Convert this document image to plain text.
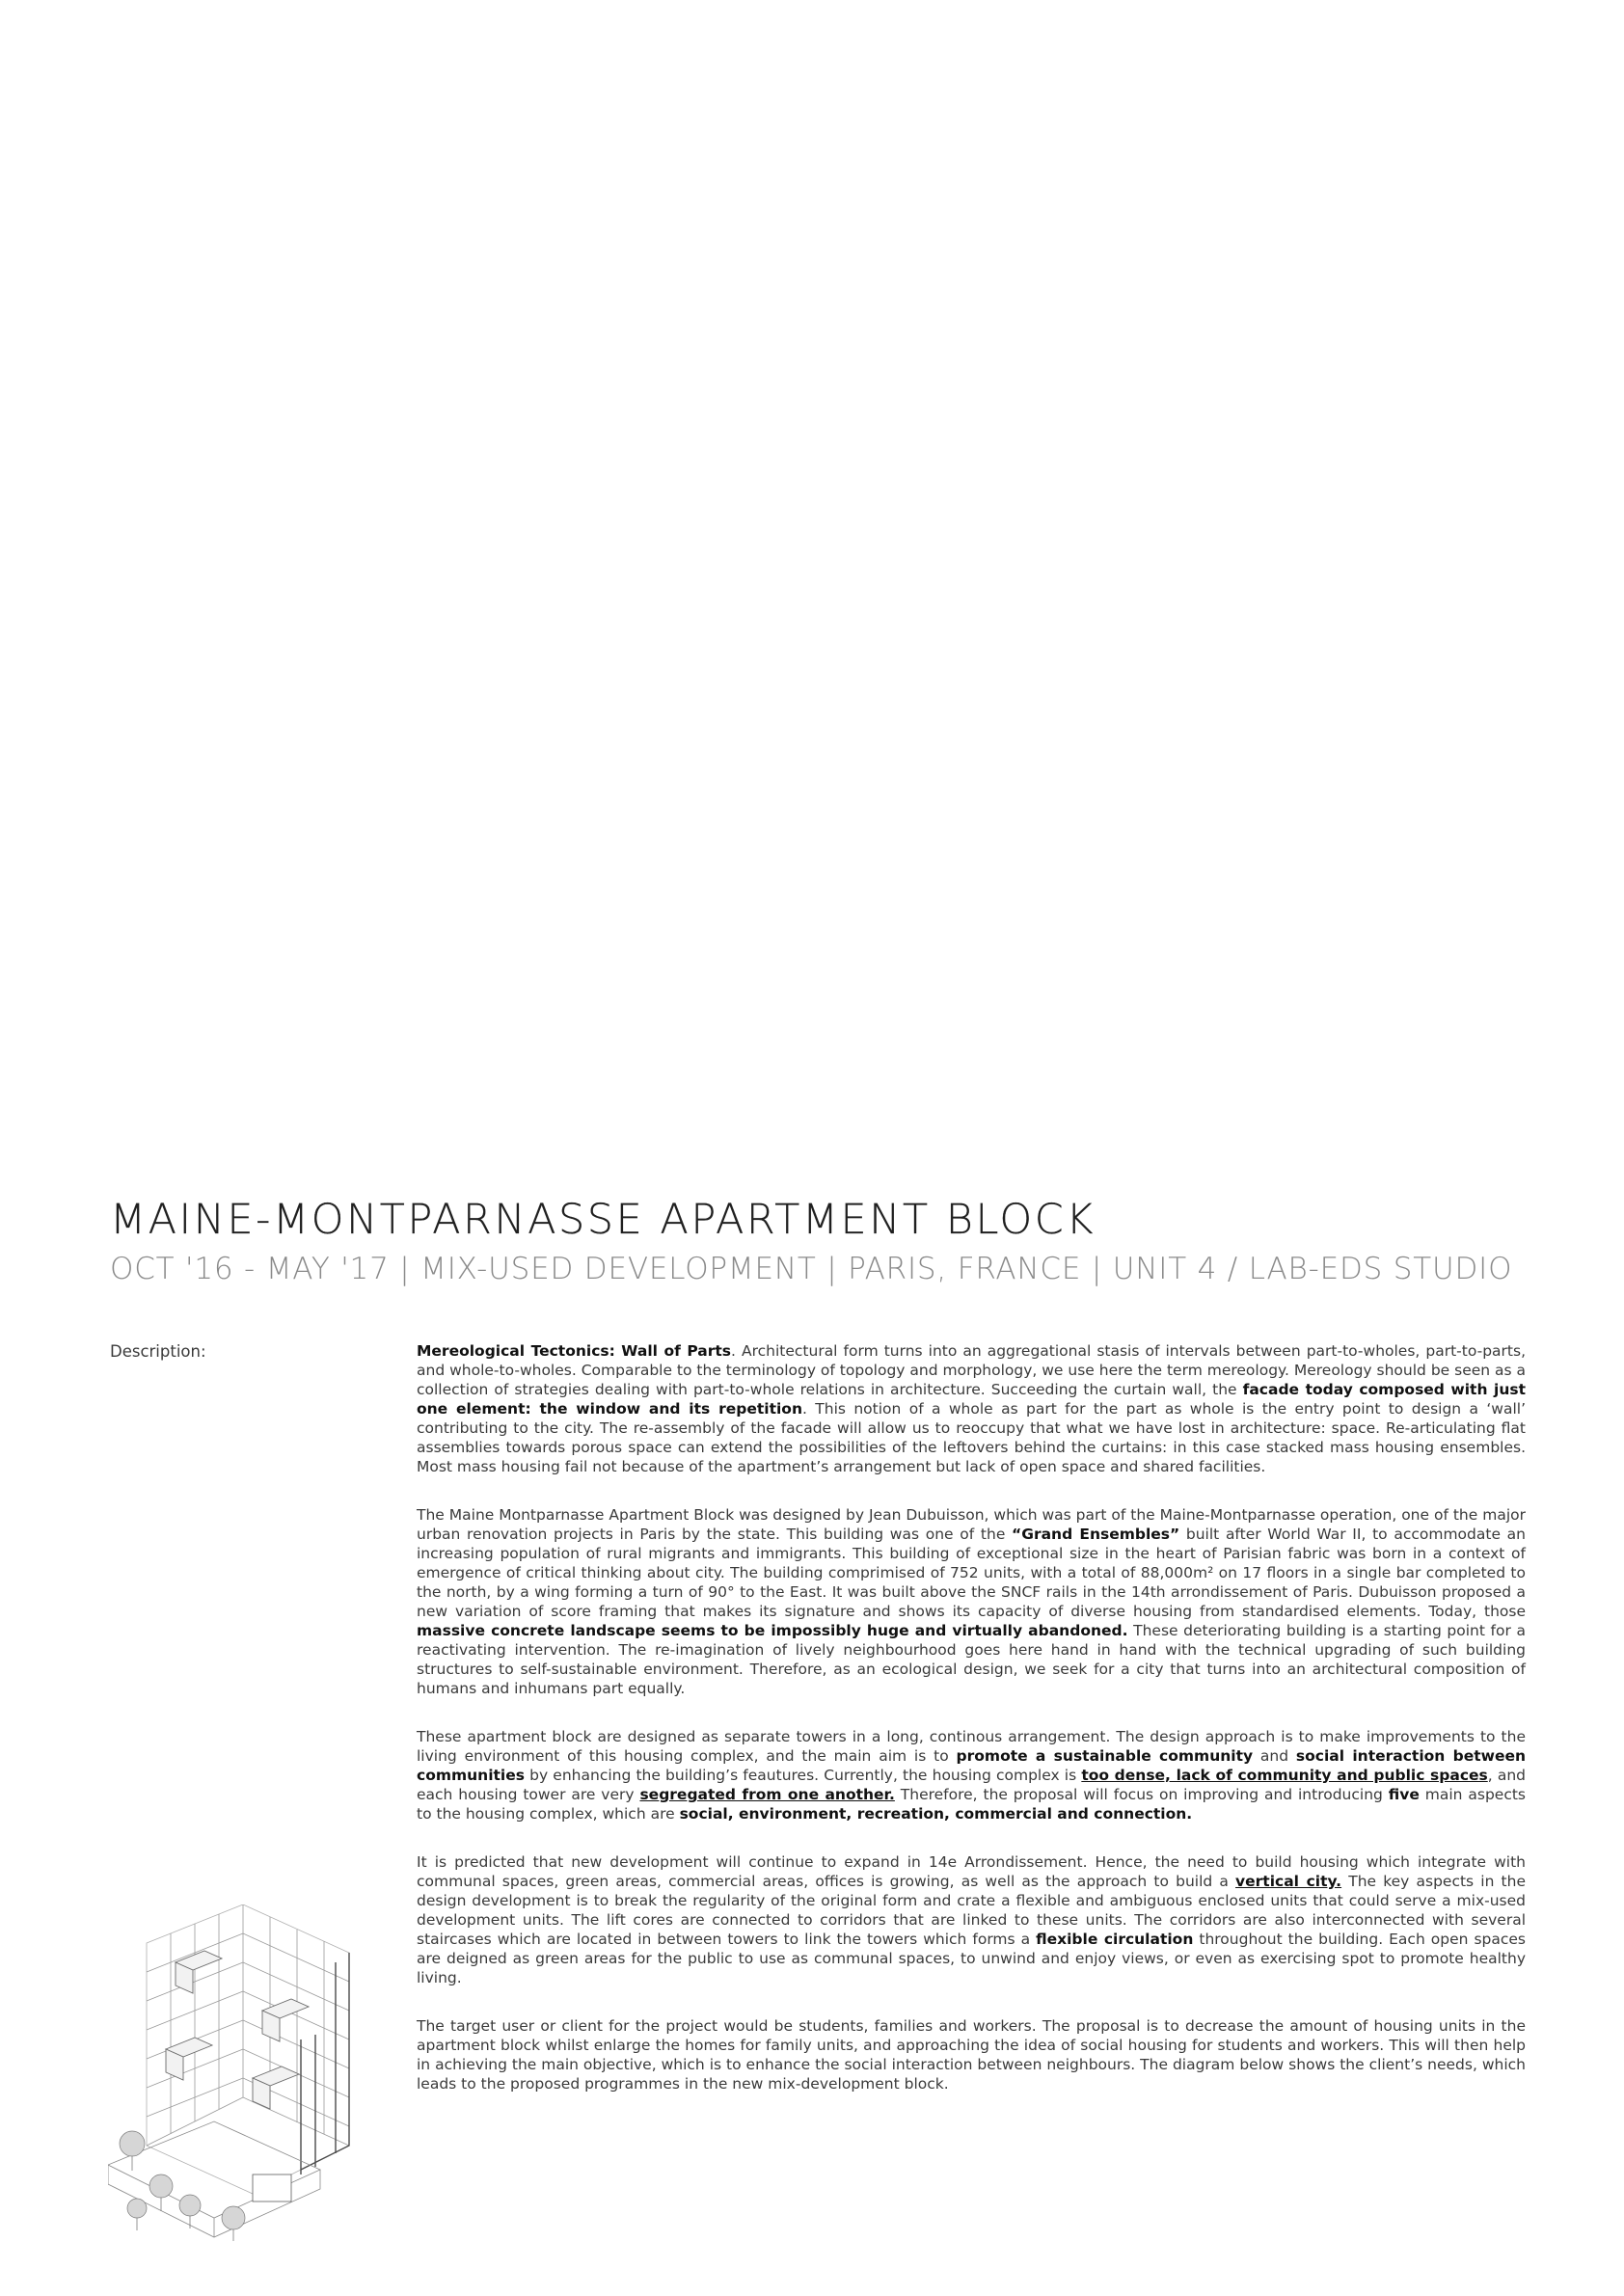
MAINE-MONTPARNASSE APARTMENT BLOCK
OCT '16 - MAY '17 | MIX-USED DEVELOPMENT | PARIS, FRANCE | UNIT 4 / LAB-EDS STUDIO
Description:	Mereological Tectonics: Wall of Parts. Architectural form turns into an aggregational stasis of intervals between part-to-wholes, part-to-parts, and whole-to-wholes. Comparable to the terminology of topology and morphology, we use here the term mereology. Mereology should be seen as a collection of strategies dealing with part-to-whole relations in architecture. Succeeding the curtain wall, the facade today composed with just one element: the window and its repetition. This notion of a whole as part for the part as whole is the entry point to design a ‘wall’ contributing to the city. The re-assembly of the facade will allow us to reoccupy that what we have lost in architecture: space. Re-articulating flat assemblies towards porous space can extend the possibilities of the leftovers behind the curtains: in this case stacked mass housing ensembles. Most mass housing fail not because of the apartment’s arrangement but lack of open space and shared facilities.

The Maine Montparnasse Apartment Block was designed by Jean Dubuisson, which was part of the Maine-Montparnasse operation, one of the major urban renovation projects in Paris by the state. This building was one of the “Grand Ensembles” built after World War II, to accommodate an increasing population of rural migrants and immigrants. This building of exceptional size in the heart of Parisian fabric was born in a context of emergence of critical thinking about city. The building comprimised of 752 units, with a total of 88,000m² on 17 floors in a single bar completed to the north, by a wing forming a turn of 90° to the East. It was built above the SNCF rails in the 14th arrondissement of Paris. Dubuisson proposed a new variation of score framing that makes its signature and shows its capacity of diverse housing from standardised elements. Today, those massive concrete landscape seems to be impossibly huge and virtually abandoned. These deteriorating building is a starting point for a reactivating intervention. The re-imagination of lively neighbourhood goes here hand in hand with the technical upgrading of such building structures to self-sustainable environment. Therefore, as an ecological design, we seek for a city that turns into an architectural composition of humans and inhumans part equally.

These apartment block are designed as separate towers in a long, continous arrangement. The design approach is to make improvements to the living environment of this housing complex, and the main aim is to promote a sustainable community and social interaction between communities by enhancing the building’s feautures. Currently, the housing complex is too dense, lack of community and public spaces, and each housing tower are very segregated from one another. Therefore, the proposal will focus on improving and introducing five main aspects to the housing complex, which are social, environment, recreation, commercial and connection.

It is predicted that new development will continue to expand in 14e Arrondissement. Hence, the need to build housing which integrate with communal spaces, green areas, commercial areas, offices is growing, as well as the approach to build a vertical city. The key aspects in the design development is to break the regularity of the original form and crate a flexible and ambiguous enclosed units that could serve a mix-used development units. The lift cores are connected to corridors that are linked to these units. The corridors are also interconnected with several staircases which are located in between towers to link the towers which forms a flexible circulation throughout the building. Each open spaces are deigned as green areas for the public to use as communal spaces, to unwind and enjoy views, or even as exercising spot to promote healthy living.

The target user or client for the project would be students, families and workers. The proposal is to decrease the amount of housing units in the apartment block whilst enlarge the homes for family units, and approaching the idea of social housing for students and workers. This will then help in achieving the main objective, which is to enhance the social interaction between neighbours. The diagram below shows the client’s needs, which leads to the proposed programmes in the new mix-development block.
